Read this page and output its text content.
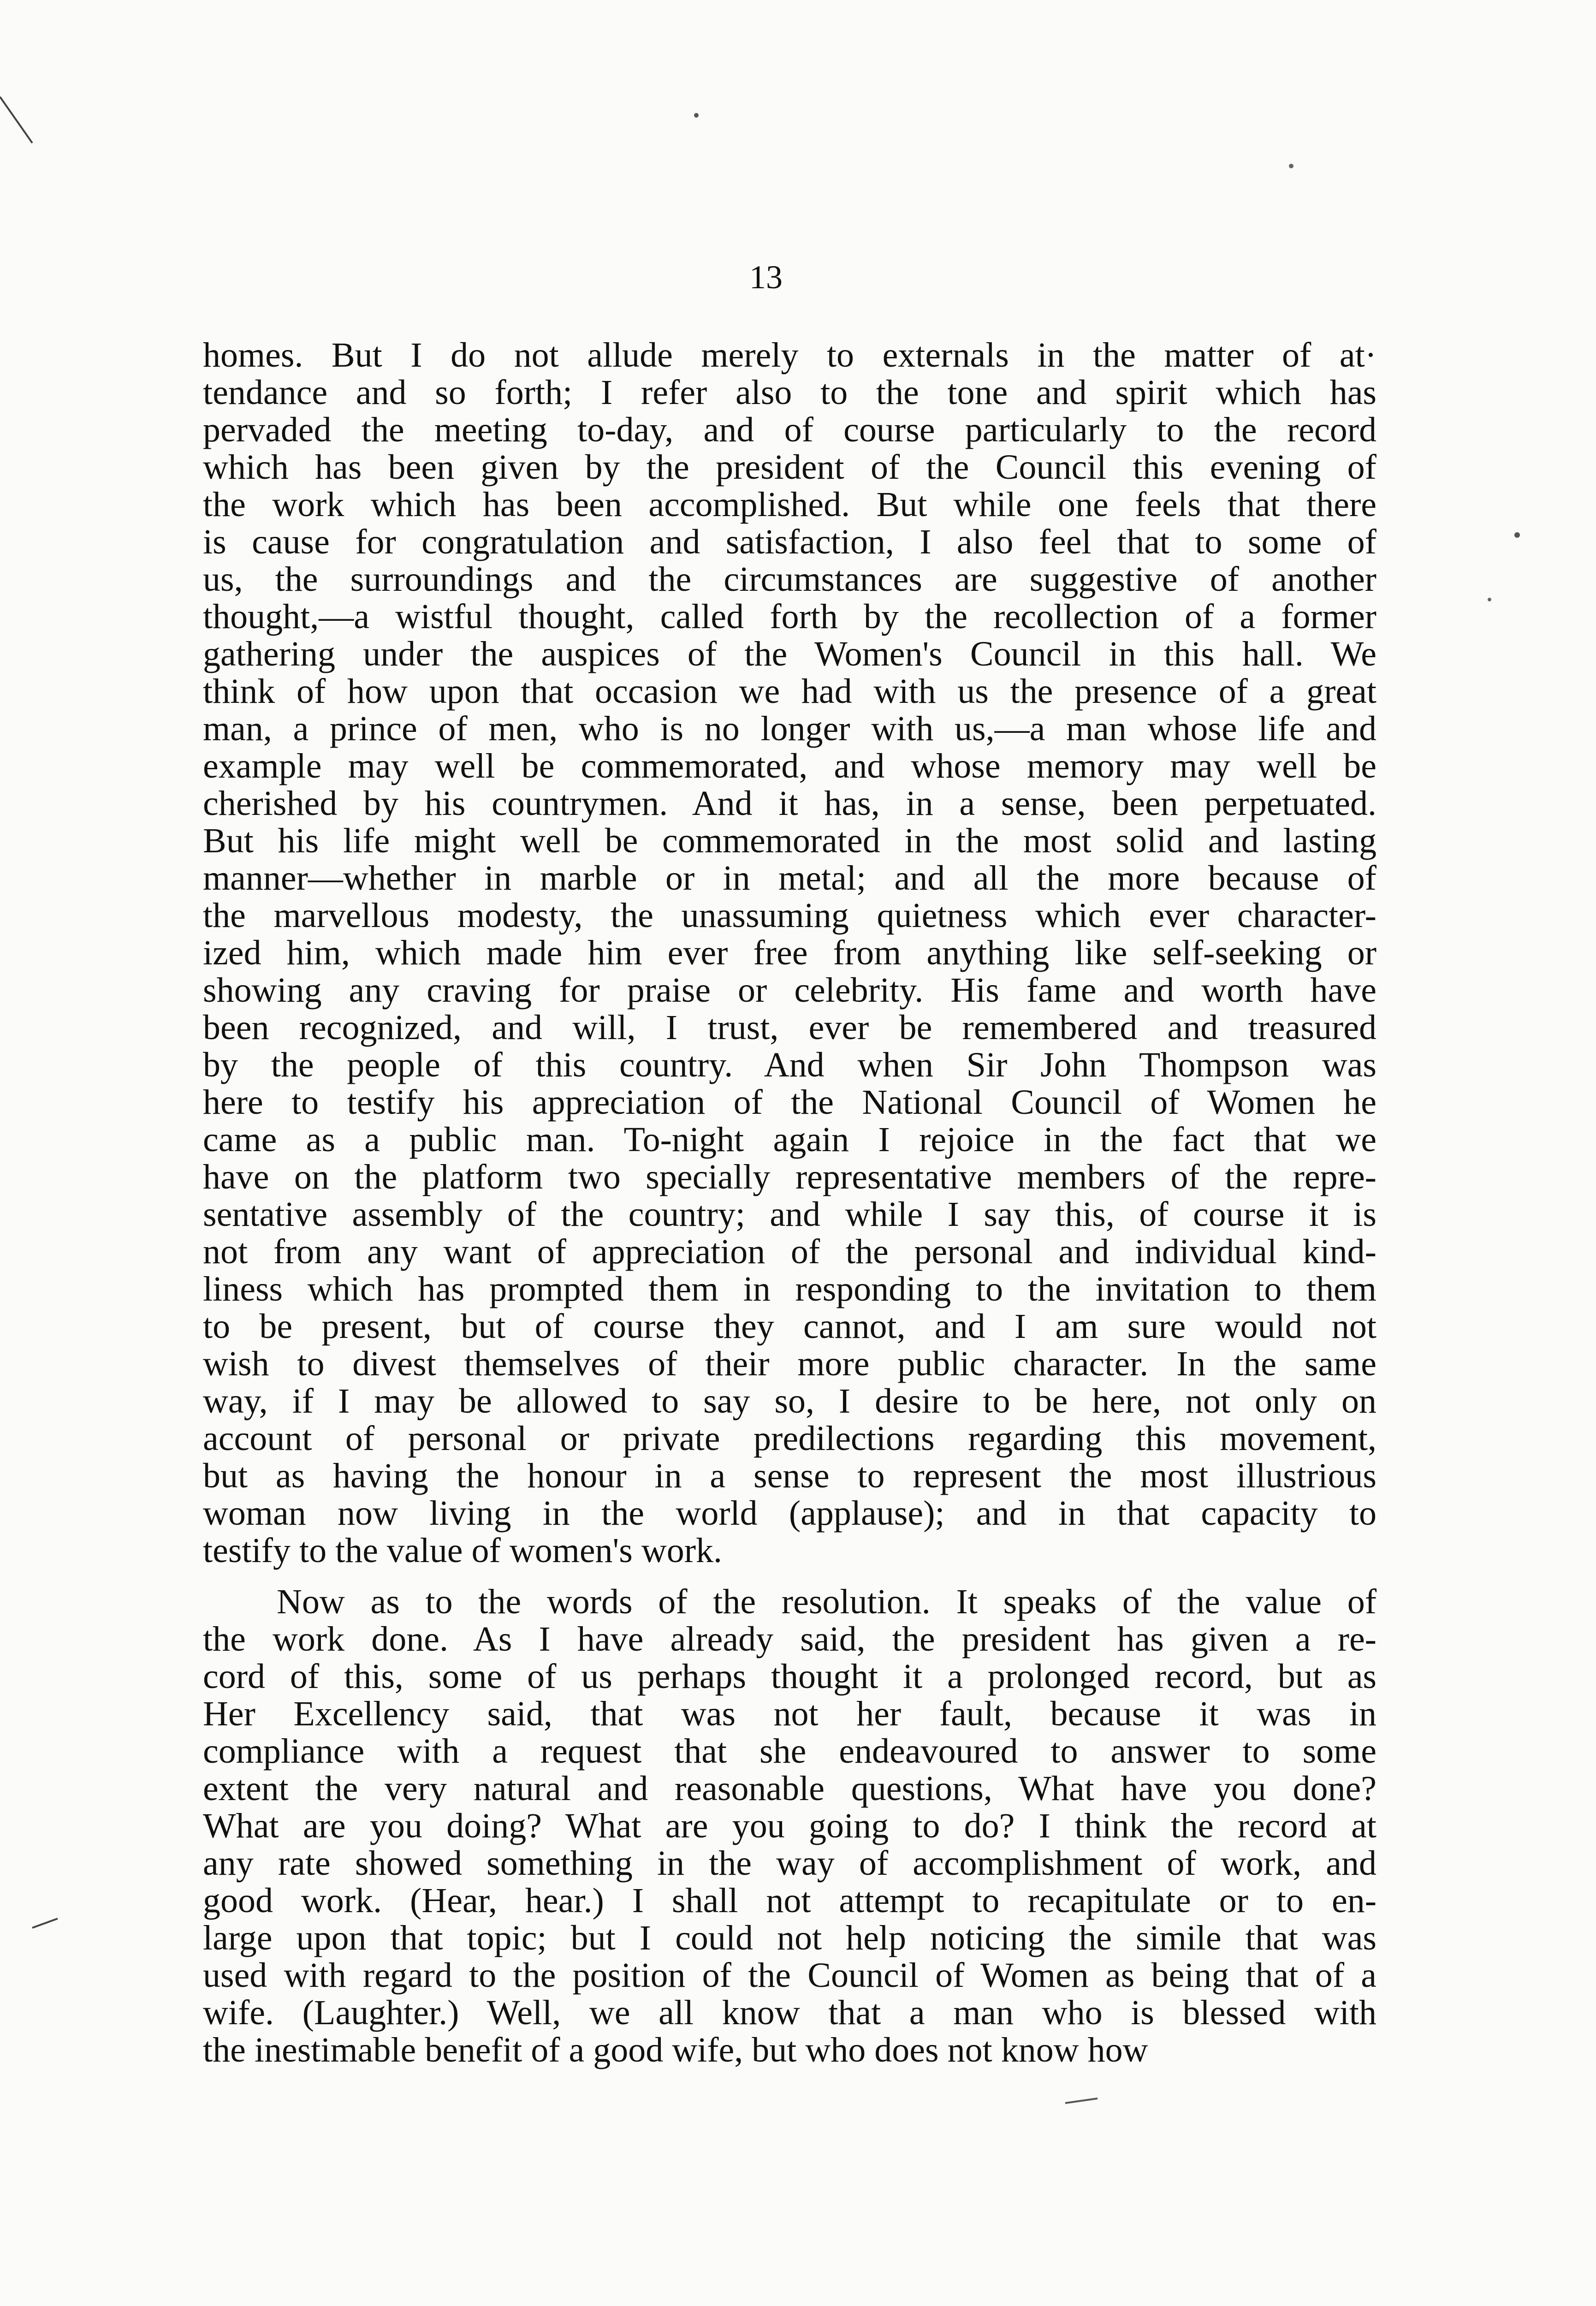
13
homes. But I do not allude merely to externals in the matter of at·
tendance and so forth; I refer also to the tone and spirit which has
pervaded the meeting to-day, and of course particularly to the record
which has been given by the president of the Council this evening of
the work which has been accomplished. But while one feels that there
is cause for congratulation and satisfaction, I also feel that to some of
us, the surroundings and the circumstances are suggestive of another
thought,—a wistful thought, called forth by the recollection of a former
gathering under the auspices of the Women's Council in this hall. We
think of how upon that occasion we had with us the presence of a great
man, a prince of men, who is no longer with us,—a man whose life and
example may well be commemorated, and whose memory may well be
cherished by his countrymen. And it has, in a sense, been perpetuated.
But his life might well be commemorated in the most solid and lasting
manner—whether in marble or in metal; and all the more because of
the marvellous modesty, the unassuming quietness which ever character-
ized him, which made him ever free from anything like self-seeking or
showing any craving for praise or celebrity. His fame and worth have
been recognized, and will, I trust, ever be remembered and treasured
by the people of this country. And when Sir John Thompson was
here to testify his appreciation of the National Council of Women he
came as a public man. To-night again I rejoice in the fact that we
have on the platform two specially representative members of the repre-
sentative assembly of the country; and while I say this, of course it is
not from any want of appreciation of the personal and individual kind-
liness which has prompted them in responding to the invitation to them
to be present, but of course they cannot, and I am sure would not
wish to divest themselves of their more public character. In the same
way, if I may be allowed to say so, I desire to be here, not only on
account of personal or private predilections regarding this movement,
but as having the honour in a sense to represent the most illustrious
woman now living in the world (applause); and in that capacity to
testify to the value of women's work.
Now as to the words of the resolution. It speaks of the value of
the work done. As I have already said, the president has given a re-
cord of this, some of us perhaps thought it a prolonged record, but as
Her Excellency said, that was not her fault, because it was in
compliance with a request that she endeavoured to answer to some
extent the very natural and reasonable questions, What have you done?
What are you doing? What are you going to do? I think the record at
any rate showed something in the way of accomplishment of work, and
good work. (Hear, hear.) I shall not attempt to recapitulate or to en-
large upon that topic; but I could not help noticing the simile that was
used with regard to the position of the Council of Women as being that of a
wife. (Laughter.) Well, we all know that a man who is blessed with
the inestimable benefit of a good wife, but who does not know how
